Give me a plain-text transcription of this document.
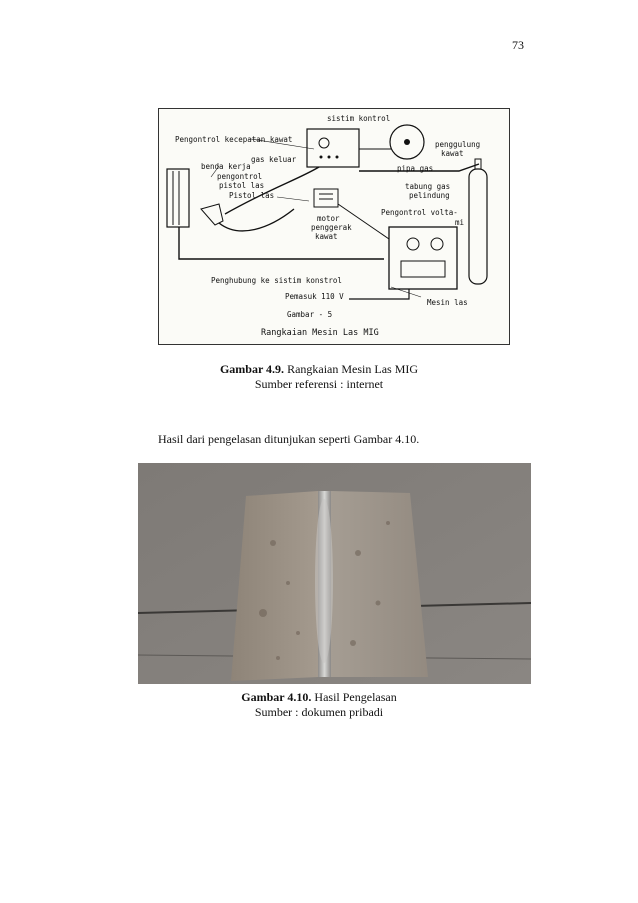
73
sistim kontrol
Pengontrol kecepatan kawat
gas keluar
benda kerja
pengontrol
pistol las
Pistol las
penggulung
kawat
pipa gas
tabung gas
pelindung
Pengontrol volta-
mi
motor
penggerak
kawat
Penghubung ke sistim konstrol
Pemasuk 110 V
Mesin las
Gambar - 5
Rangkaian Mesin Las MIG
Gambar 4.9. Rangkaian Mesin Las MIG
Sumber referensi : internet
Hasil dari pengelasan ditunjukan seperti Gambar 4.10.
Gambar 4.10. Hasil Pengelasan
Sumber : dokumen pribadi
